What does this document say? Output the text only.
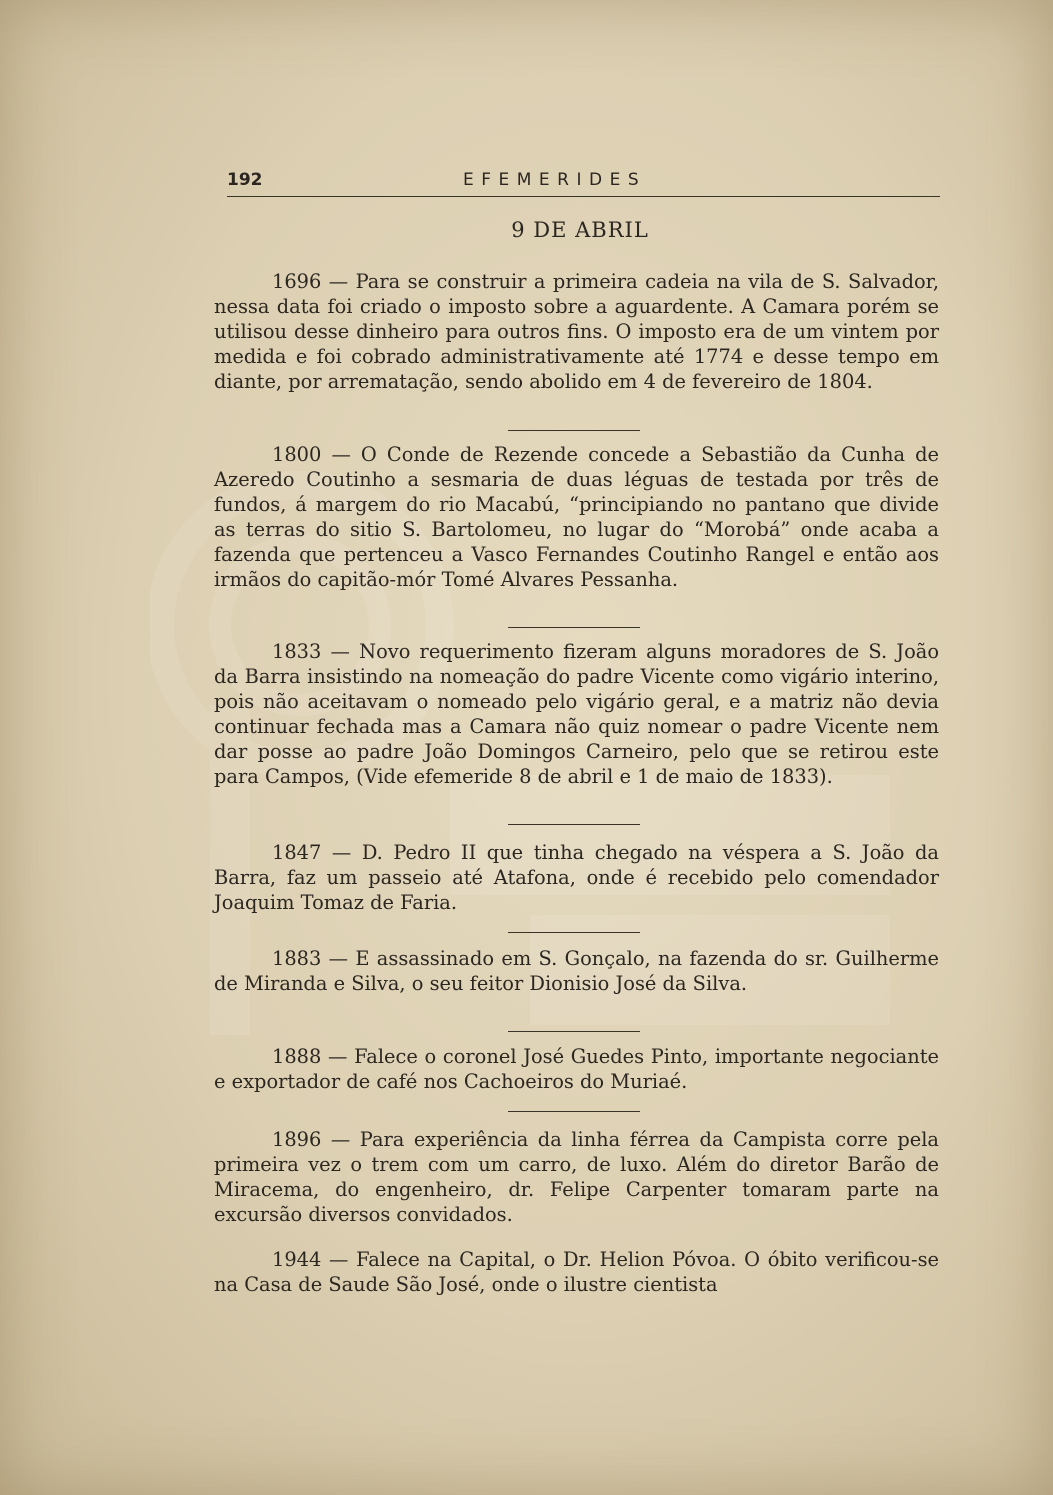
192	EFEMERIDES
9 DE ABRIL

1696 — Para se construir a primeira cadeia na vila de S. Salvador, nessa data foi criado o imposto sobre a aguardente. A Camara porém se utilisou desse dinheiro para outros fins. O imposto era de um vintem por medida e foi cobrado administrativamente até 1774 e desse tempo em diante, por arrematação, sendo abolido em 4 de fevereiro de 1804.

1800 — O Conde de Rezende concede a Sebastião da Cunha de Azeredo Coutinho a sesmaria de duas léguas de testada por três de fundos, á margem do rio Macabú, “principiando no pantano que divide as terras do sitio S. Bartolomeu, no lugar do “Morobá” onde acaba a fazenda que pertenceu a Vasco Fernandes Coutinho Rangel e então aos irmãos do capitão-mór Tomé Alvares Pessanha.

1833 — Novo requerimento fizeram alguns moradores de S. João da Barra insistindo na nomeação do padre Vicente como vigário interino, pois não aceitavam o nomeado pelo vigário geral, e a matriz não devia continuar fechada mas a Camara não quiz nomear o padre Vicente nem dar posse ao padre João Domingos Carneiro, pelo que se retirou este para Campos, (Vide efemeride 8 de abril e 1 de maio de 1833).

1847 — D. Pedro II que tinha chegado na véspera a S. João da Barra, faz um passeio até Atafona, onde é recebido pelo comendador Joaquim Tomaz de Faria.

1883 — E assassinado em S. Gonçalo, na fazenda do sr. Guilherme de Miranda e Silva, o seu feitor Dionisio José da Silva.

1888 — Falece o coronel José Guedes Pinto, importante negociante e exportador de café nos Cachoeiros do Muriaé.

1896 — Para experiência da linha férrea da Campista corre pela primeira vez o trem com um carro, de luxo. Além do diretor Barão de Miracema, do engenheiro, dr. Felipe Carpenter tomaram parte na excursão diversos convidados.

1944 — Falece na Capital, o Dr. Helion Póvoa. O óbito verificou-se na Casa de Saude São José, onde o ilustre cientista
